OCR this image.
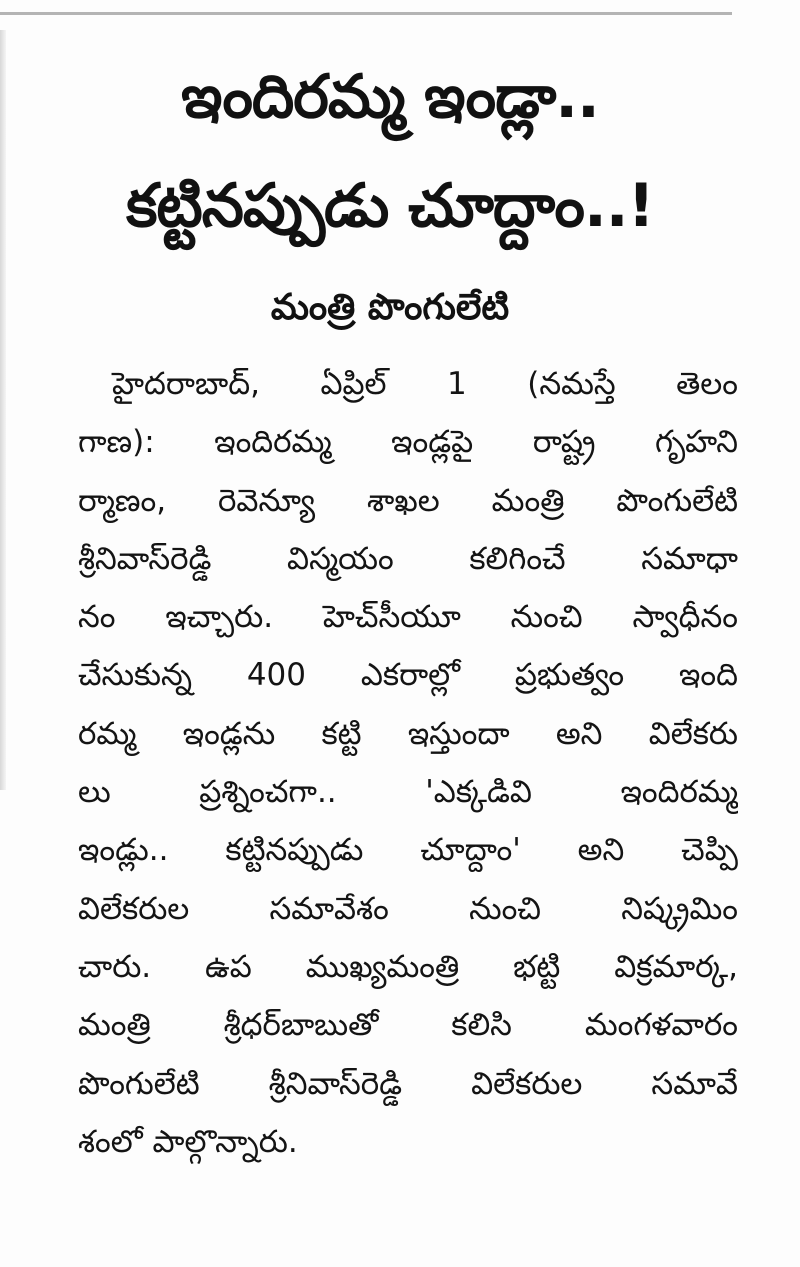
ఇందిరమ్మ ఇండ్లా..
కట్టినప్పుడు చూద్దాం..!
మంత్రి పొంగులేటి
హైదరాబాద్, ఏప్రిల్ 1 (నమస్తే తెలం
గాణ): ఇందిరమ్మ ఇండ్లపై రాష్ట్ర గృహని
ర్మాణం, రెవెన్యూ శాఖల మంత్రి పొంగులేటి
శ్రీనివాస్‌రెడ్డి విస్మయం కలిగించే సమాధా
నం ఇచ్చారు. హెచ్‌సీయూ నుంచి స్వాధీనం
చేసుకున్న 400 ఎకరాల్లో ప్రభుత్వం ఇంది
రమ్మ ఇండ్లను కట్టి ఇస్తుందా అని విలేకరు
లు ప్రశ్నించగా.. 'ఎక్కడివి ఇందిరమ్మ
ఇండ్లు.. కట్టినప్పుడు చూద్దాం' అని చెప్పి
విలేకరుల సమావేశం నుంచి నిష్క్రమిం
చారు. ఉప ముఖ్యమంత్రి భట్టి విక్రమార్క,
మంత్రి శ్రీధర్‌బాబుతో కలిసి మంగళవారం
పొంగులేటి శ్రీనివాస్‌రెడ్డి విలేకరుల సమావే
శంలో పాల్గొన్నారు.
